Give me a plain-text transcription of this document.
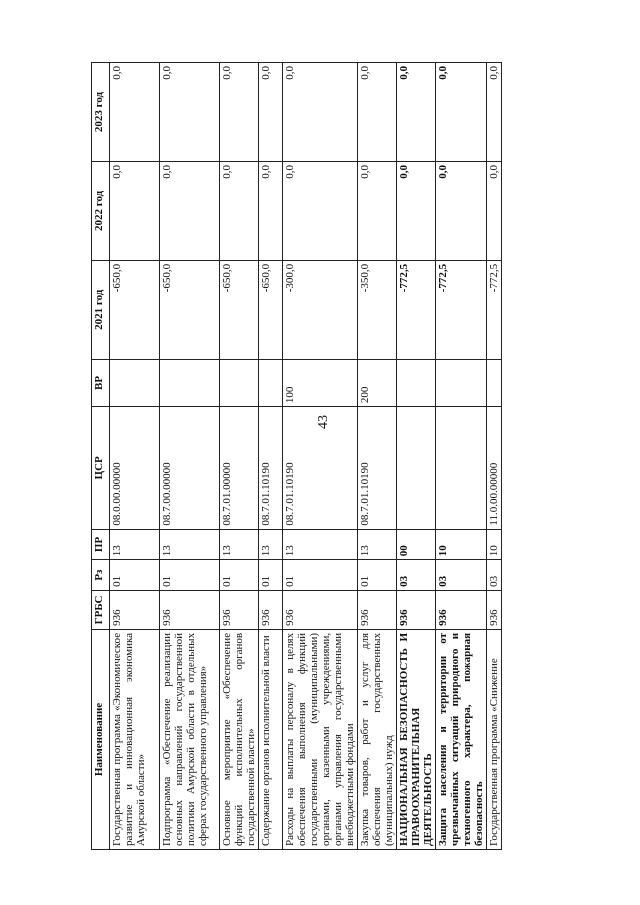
43
Наименование	ГРБС	Рз	ПР	ЦСР	ВР	2021 год	2022 год	2023 год
Государственная программа «Экономическое развитие и инновационная экономика Амурской области»	936	01	13	08.0.00.00000		-650,0	0,0	0,0
Подпрограмма «Обеспечение реализации основных направлений государственной политики Амурской области в отдельных сферах государственного управления»	936	01	13	08.7.00.00000		-650,0	0,0	0,0
Основное мероприятие «Обеспечение функций исполнительных органов государственной власти»	936	01	13	08.7.01.00000		-650,0	0,0	0,0
Содержание органов исполнительной власти	936	01	13	08.7.01.10190		-650,0	0,0	0,0
Расходы на выплаты персоналу в целях обеспечения выполнения функций государственными (муниципальными) органами, казенными учреждениями, органами управления государственными внебюджетными фондами	936	01	13	08.7.01.10190	100	-300,0	0,0	0,0
Закупка товаров, работ и услуг для обеспечения государственных (муниципальных) нужд	936	01	13	08.7.01.10190	200	-350,0	0,0	0,0
НАЦИОНАЛЬНАЯ БЕЗОПАСНОСТЬ И ПРАВООХРАНИТЕЛЬНАЯ ДЕЯТЕЛЬНОСТЬ	936	03	00			-772,5	0,0	0,0
Защита населения и территории от чрезвычайных ситуаций природного и техногенного характера, пожарная безопасность	936	03	10			-772,5	0,0	0,0
Государственная программа «Снижение	936	03	10	11.0.00.00000		-772,5	0,0	0,0
